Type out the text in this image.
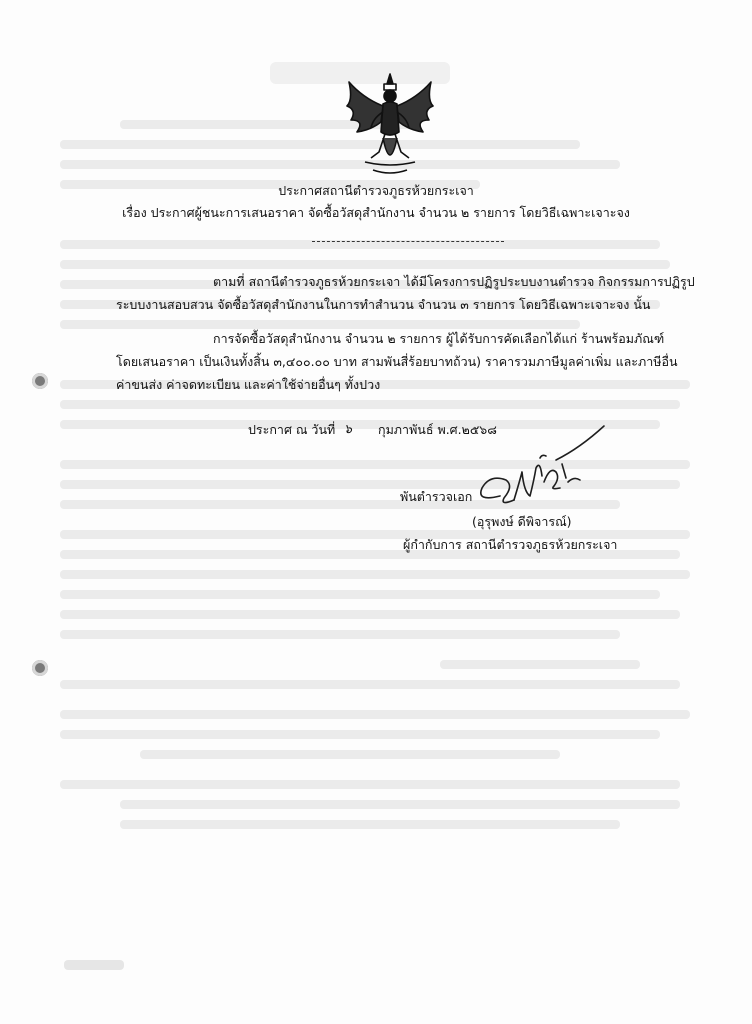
ประกาศสถานีตำรวจภูธรห้วยกระเจา
เรื่อง ประกาศผู้ชนะการเสนอราคา จัดซื้อวัสดุสำนักงาน จำนวน ๒ รายการ โดยวิธีเฉพาะเจาะจง
ตามที่ สถานีตำรวจภูธรห้วยกระเจา ได้มีโครงการปฏิรูประบบงานตำรวจ กิจกรรมการปฏิรูป
ระบบงานสอบสวน จัดซื้อวัสดุสำนักงานในการทำสำนวน จำนวน ๓ รายการ โดยวิธีเฉพาะเจาะจง นั้น
การจัดซื้อวัสดุสำนักงาน จำนวน ๒ รายการ ผู้ได้รับการคัดเลือกได้แก่ ร้านพร้อมภัณฑ์
โดยเสนอราคา เป็นเงินทั้งสิ้น ๓,๔๐๐.๐๐ บาท สามพันสี่ร้อยบาทถ้วน) ราคารวมภาษีมูลค่าเพิ่ม และภาษีอื่น
ค่าขนส่ง ค่าจดทะเบียน และค่าใช้จ่ายอื่นๆ ทั้งปวง
ประกาศ ณ วันที่ ๖ กุมภาพันธ์ พ.ศ.๒๕๖๘
พันตำรวจเอก
(อุรุพงษ์ ดีพิจารณ์)
ผู้กำกับการ สถานีตำรวจภูธรห้วยกระเจา
